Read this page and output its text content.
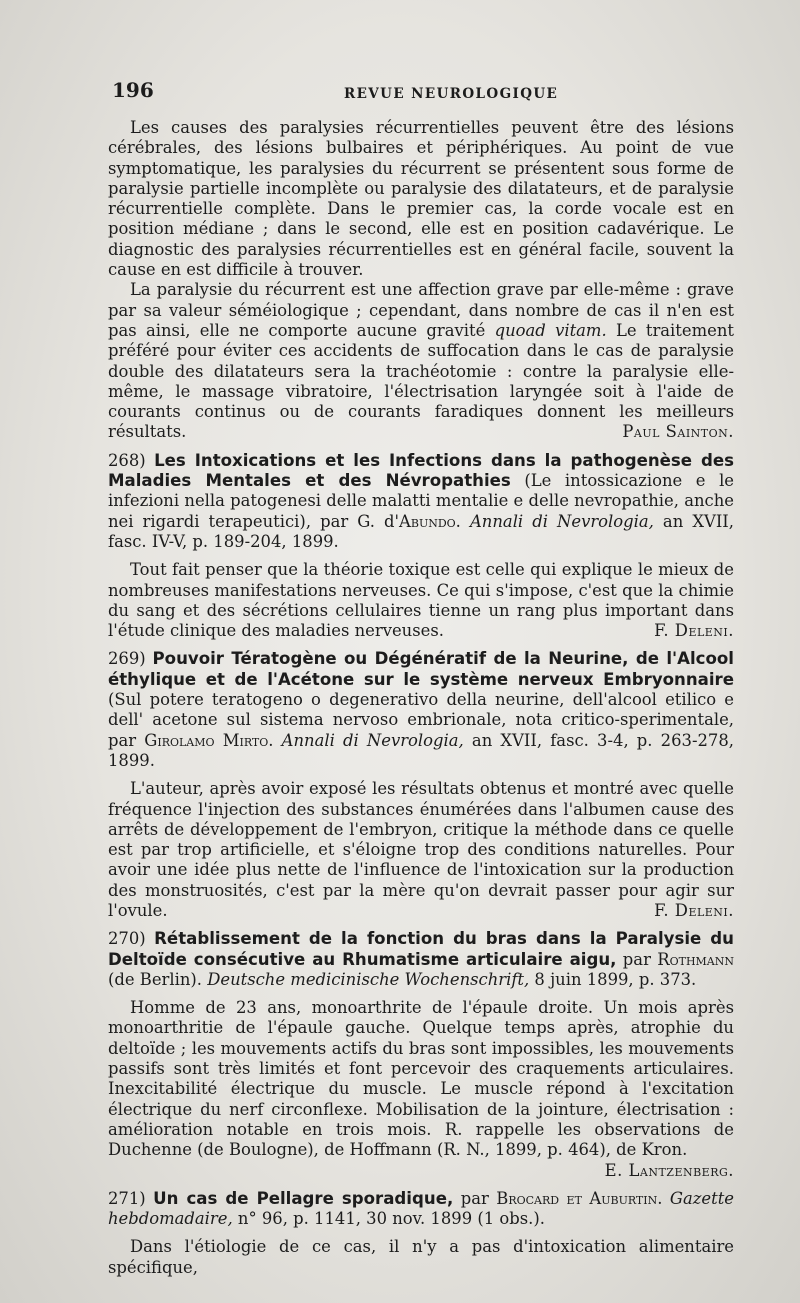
196	REVUE NEUROLOGIQUE

Les causes des paralysies récurrentielles peuvent être des lésions cérébrales, des lésions bulbaires et périphériques. Au point de vue symptomatique, les paralysies du récurrent se présentent sous forme de paralysie partielle incomplète ou paralysie des dilatateurs, et de paralysie récurrentielle complète. Dans le premier cas, la corde vocale est en position médiane ; dans le second, elle est en position cadavérique. Le diagnostic des paralysies récurrentielles est en général facile, souvent la cause en est difficile à trouver.

La paralysie du récurrent est une affection grave par elle-même : grave par sa valeur séméiologique ; cependant, dans nombre de cas il n'en est pas ainsi, elle ne comporte aucune gravité quoad vitam. Le traitement préféré pour éviter ces accidents de suffocation dans le cas de paralysie double des dilatateurs sera la trachéotomie : contre la paralysie elle-même, le massage vibratoire, l'électrisation laryngée soit à l'aide de courants continus ou de courants faradiques donnent les meilleurs résultats.	Paul Sainton.

268) Les Intoxications et les Infections dans la pathogenèse des Maladies Mentales et des Névropathies (Le intossicazione e le infezioni nella patogenesi delle malatti mentalie e delle nevropathie, anche nei rigardi terapeutici), par G. d'Abundo. Annali di Nevrologia, an XVII, fasc. IV-V, p. 189-204, 1899.

Tout fait penser que la théorie toxique est celle qui explique le mieux de nombreuses manifestations nerveuses. Ce qui s'impose, c'est que la chimie du sang et des sécrétions cellulaires tienne un rang plus important dans l'étude clinique des maladies nerveuses.	F. Deleni.

269) Pouvoir Tératogène ou Dégénératif de la Neurine, de l'Alcool éthylique et de l'Acétone sur le système nerveux Embryonnaire (Sul potere teratogeno o degenerativo della neurine, dell'alcool etilico e dell' acetone sul sistema nervoso embrionale, nota critico-sperimentale, par Girolamo Mirto. Annali di Nevrologia, an XVII, fasc. 3-4, p. 263-278, 1899.

L'auteur, après avoir exposé les résultats obtenus et montré avec quelle fréquence l'injection des substances énumérées dans l'albumen cause des arrêts de développement de l'embryon, critique la méthode dans ce quelle est par trop artificielle, et s'éloigne trop des conditions naturelles. Pour avoir une idée plus nette de l'influence de l'intoxication sur la production des monstruosités, c'est par la mère qu'on devrait passer pour agir sur l'ovule.	F. Deleni.

270) Rétablissement de la fonction du bras dans la Paralysie du Deltoïde consécutive au Rhumatisme articulaire aigu, par Rothmann (de Berlin). Deutsche medicinische Wochenschrift, 8 juin 1899, p. 373.

Homme de 23 ans, monoarthrite de l'épaule droite. Un mois après monoarthritie de l'épaule gauche. Quelque temps après, atrophie du deltoïde ; les mouvements actifs du bras sont impossibles, les mouvements passifs sont très limités et font percevoir des craquements articulaires. Inexcitabilité électrique du muscle. Le muscle répond à l'excitation électrique du nerf circonflexe. Mobilisation de la jointure, électrisation : amélioration notable en trois mois. R. rappelle les observations de Duchenne (de Boulogne), de Hoffmann (R. N., 1899, p. 464), de Kron.

E. Lantzenberg.

271) Un cas de Pellagre sporadique, par Brocard et Auburtin. Gazette hebdomadaire, n° 96, p. 1141, 30 nov. 1899 (1 obs.).

Dans l'étiologie de ce cas, il n'y a pas d'intoxication alimentaire spécifique,
